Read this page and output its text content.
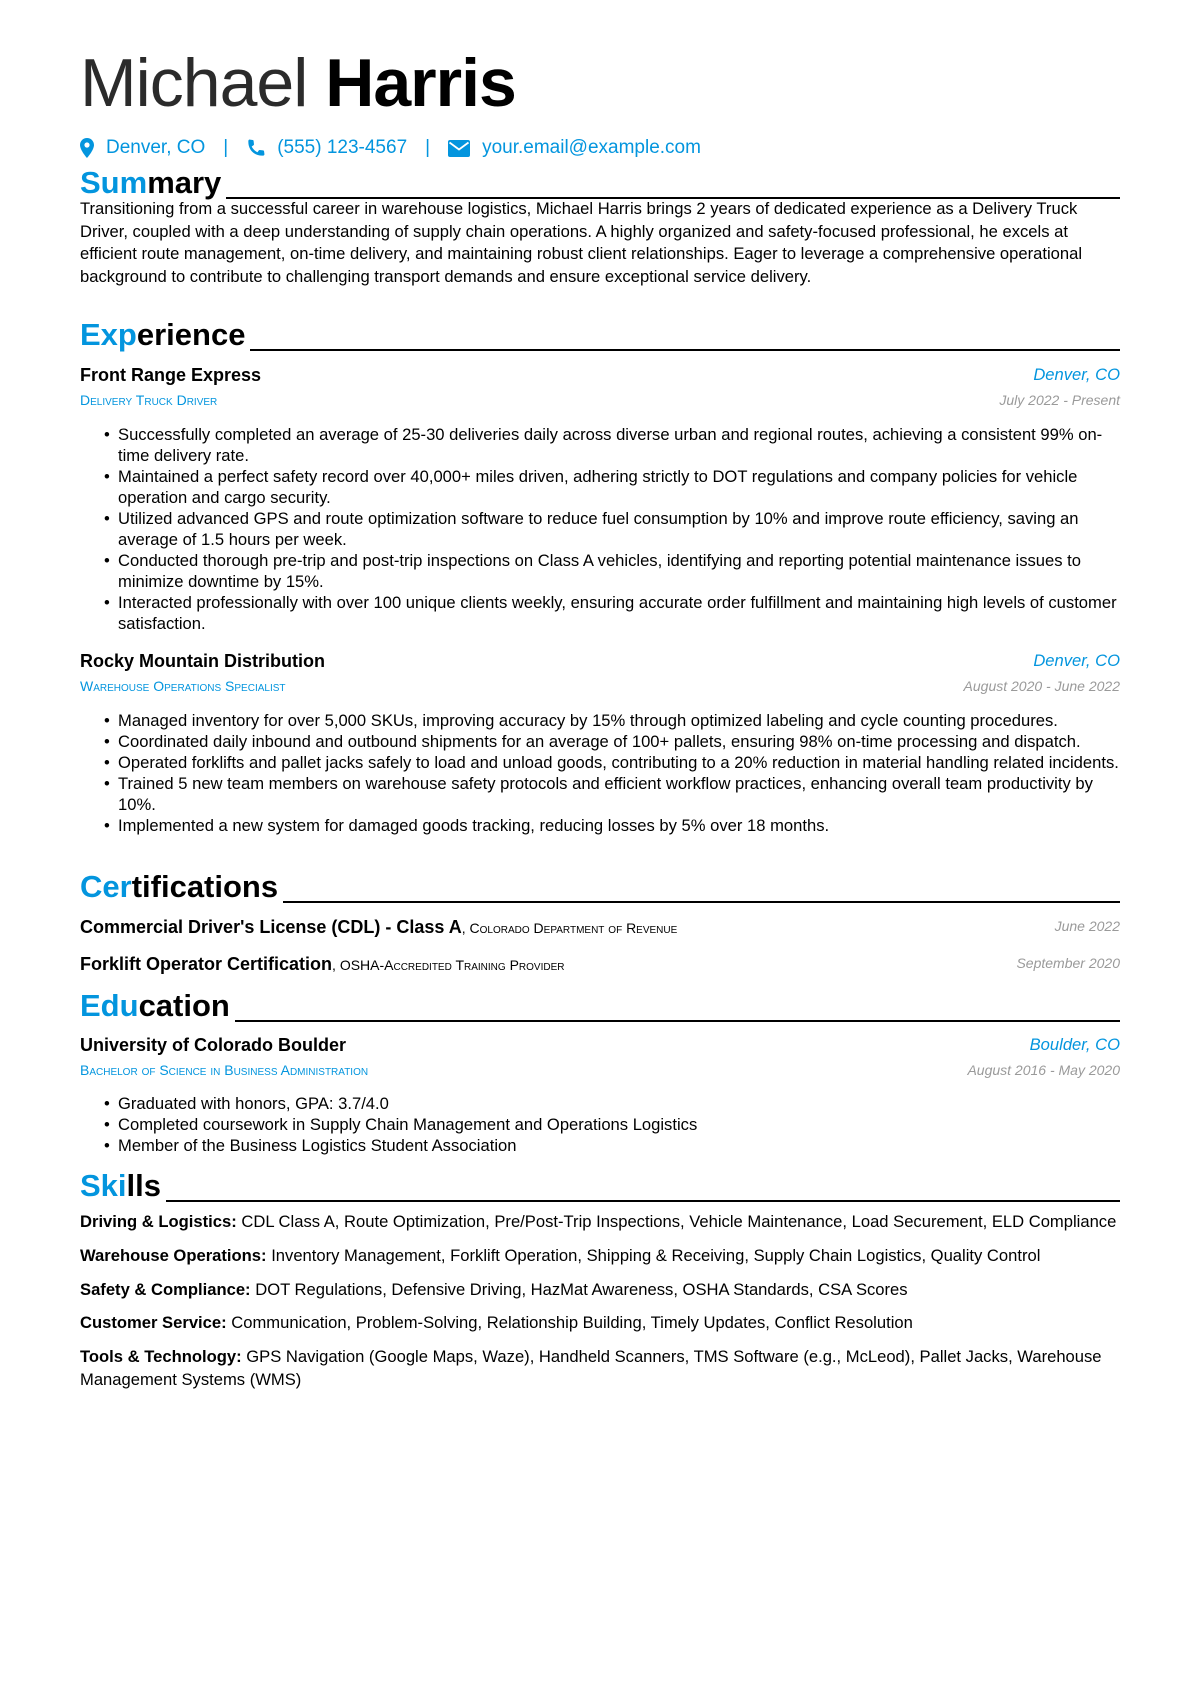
Michael Harris
Denver, CO |	(555) 123-4567 |	your.email@example.com
Summary

Transitioning from a successful career in warehouse logistics, Michael Harris brings 2 years of dedicated experience as a Delivery Truck Driver, coupled with a deep understanding of supply chain operations. A highly organized and safety-focused professional, he excels at efficient route management, on-time delivery, and maintaining robust client relationships. Eager to leverage a comprehensive operational background to contribute to challenging transport demands and ensure exceptional service delivery.

Experience
Front Range Express	Denver, CO
Delivery Truck Driver	July 2022 - Present
• Successfully completed an average of 25-30 deliveries daily across diverse urban and regional routes, achieving a consistent 99% on-time delivery rate.
• Maintained a perfect safety record over 40,000+ miles driven, adhering strictly to DOT regulations and company policies for vehicle operation and cargo security.
• Utilized advanced GPS and route optimization software to reduce fuel consumption by 10% and improve route efficiency, saving an average of 1.5 hours per week.
• Conducted thorough pre-trip and post-trip inspections on Class A vehicles, identifying and reporting potential maintenance issues to minimize downtime by 15%.
• Interacted professionally with over 100 unique clients weekly, ensuring accurate order fulfillment and maintaining high levels of customer satisfaction.
Rocky Mountain Distribution	Denver, CO
Warehouse Operations Specialist	August 2020 - June 2022
• Managed inventory for over 5,000 SKUs, improving accuracy by 15% through optimized labeling and cycle counting procedures.
• Coordinated daily inbound and outbound shipments for an average of 100+ pallets, ensuring 98% on-time processing and dispatch.
• Operated forklifts and pallet jacks safely to load and unload goods, contributing to a 20% reduction in material handling related incidents.
• Trained 5 new team members on warehouse safety protocols and efficient workflow practices, enhancing overall team productivity by 10%.
• Implemented a new system for damaged goods tracking, reducing losses by 5% over 18 months.
Certifications
Commercial Driver's License (CDL) - Class A, Colorado Department of Revenue	June 2022
Forklift Operator Certification, OSHA-Accredited Training Provider	September 2020
Education
University of Colorado Boulder	Boulder, CO
Bachelor of Science in Business Administration	August 2016 - May 2020
• Graduated with honors, GPA: 3.7/4.0
• Completed coursework in Supply Chain Management and Operations Logistics
• Member of the Business Logistics Student Association
Skills

Driving & Logistics: CDL Class A, Route Optimization, Pre/Post-Trip Inspections, Vehicle Maintenance, Load Securement, ELD Compliance

Warehouse Operations: Inventory Management, Forklift Operation, Shipping & Receiving, Supply Chain Logistics, Quality Control

Safety & Compliance: DOT Regulations, Defensive Driving, HazMat Awareness, OSHA Standards, CSA Scores

Customer Service: Communication, Problem-Solving, Relationship Building, Timely Updates, Conflict Resolution

Tools & Technology: GPS Navigation (Google Maps, Waze), Handheld Scanners, TMS Software (e.g., McLeod), Pallet Jacks, Warehouse Management Systems (WMS)
